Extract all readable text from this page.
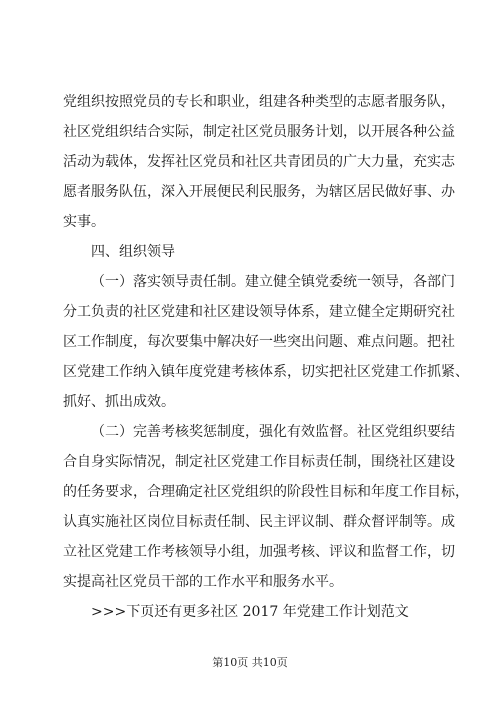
党组织按照党员的专长和职业，组建各种类型的志愿者服务队，
社区党组织结合实际，制定社区党员服务计划，以开展各种公益
活动为载体，发挥社区党员和社区共青团员的广大力量，充实志
愿者服务队伍，深入开展便民利民服务，为辖区居民做好事、办
实事。
四、组织领导
（一）落实领导责任制。建立健全镇党委统一领导，各部门
分工负责的社区党建和社区建设领导体系，建立健全定期研究社
区工作制度，每次要集中解决好一些突出问题、难点问题。把社
区党建工作纳入镇年度党建考核体系，切实把社区党建工作抓紧、
抓好、抓出成效。
（二）完善考核奖惩制度，强化有效监督。社区党组织要结
合自身实际情况，制定社区党建工作目标责任制，围绕社区建设
的任务要求，合理确定社区党组织的阶段性目标和年度工作目标，
认真实施社区岗位目标责任制、民主评议制、群众督评制等。成
立社区党建工作考核领导小组，加强考核、评议和监督工作，切
实提高社区党员干部的工作水平和服务水平。
>>>下页还有更多社区 2017 年党建工作计划范文
第10页 共10页
